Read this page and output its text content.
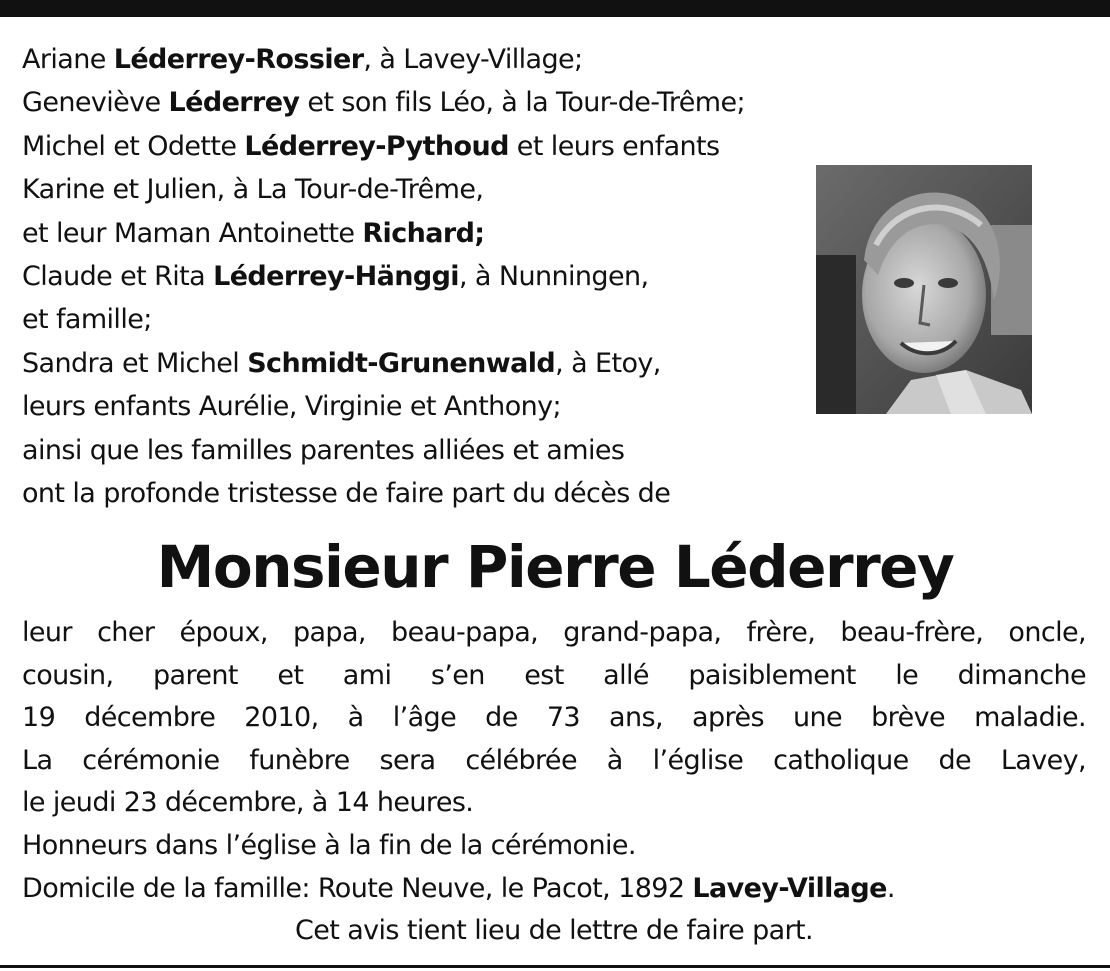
Ariane Léderrey-Rossier, à Lavey-Village;
Geneviève Léderrey et son fils Léo, à la Tour-de-Trême;
Michel et Odette Léderrey-Pythoud et leurs enfants
Karine et Julien, à La Tour-de-Trême,
et leur Maman Antoinette Richard;
Claude et Rita Léderrey-Hänggi, à Nunningen,
et famille;
Sandra et Michel Schmidt-Grunenwald, à Etoy,
leurs enfants Aurélie, Virginie et Anthony;
ainsi que les familles parentes alliées et amies
ont la profonde tristesse de faire part du décès de
Monsieur Pierre Léderrey
leur cher époux, papa, beau-papa, grand-papa, frère, beau-frère, oncle,
cousin, parent et ami s’en est allé paisiblement le dimanche
19 décembre 2010, à l’âge de 73 ans, après une brève maladie.
La cérémonie funèbre sera célébrée à l’église catholique de Lavey,
le jeudi 23 décembre, à 14 heures.
Honneurs dans l’église à la fin de la cérémonie.
Domicile de la famille: Route Neuve, le Pacot, 1892 Lavey-Village.
Cet avis tient lieu de lettre de faire part.
